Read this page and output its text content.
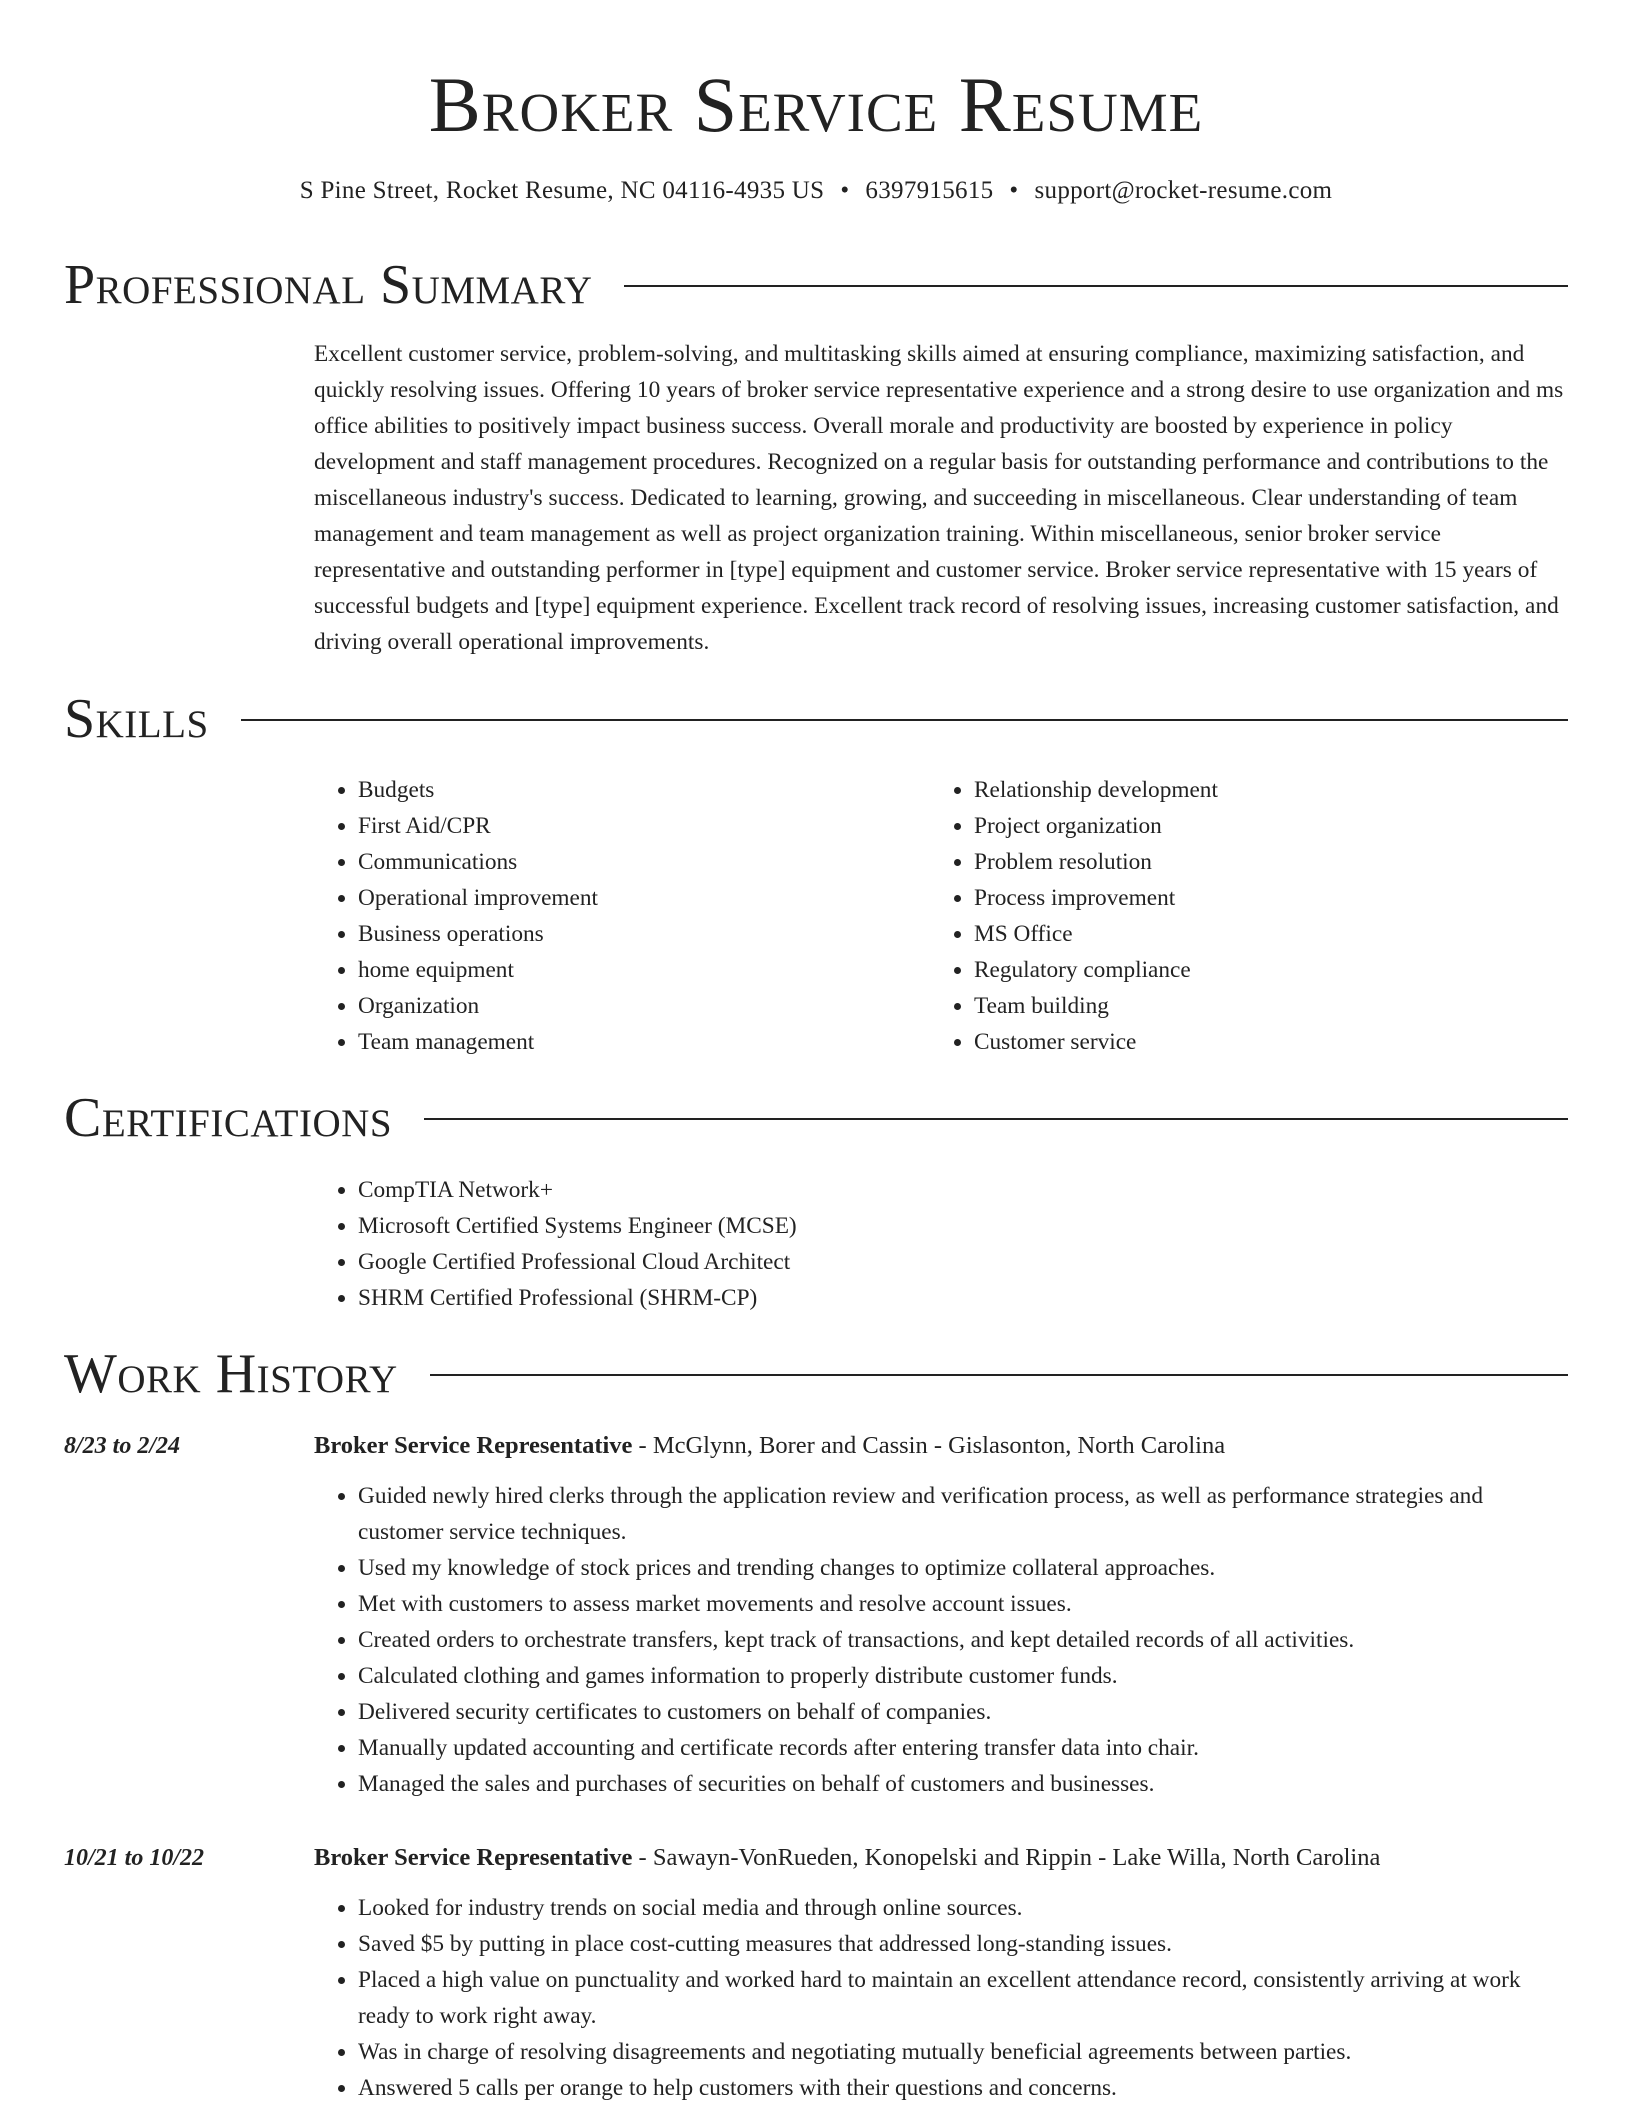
Broker Service Resume
S Pine Street, Rocket Resume, NC 04116-4935 US • 6397915615 • support@rocket-resume.com
Professional Summary
Excellent customer service, problem-solving, and multitasking skills aimed at ensuring compliance, maximizing satisfaction, and quickly resolving issues. Offering 10 years of broker service representative experience and a strong desire to use organization and ms office abilities to positively impact business success. Overall morale and productivity are boosted by experience in policy development and staff management procedures. Recognized on a regular basis for outstanding performance and contributions to the miscellaneous industry's success. Dedicated to learning, growing, and succeeding in miscellaneous. Clear understanding of team management and team management as well as project organization training. Within miscellaneous, senior broker service representative and outstanding performer in [type] equipment and customer service. Broker service representative with 15 years of successful budgets and [type] equipment experience. Excellent track record of resolving issues, increasing customer satisfaction, and driving overall operational improvements.
Skills
• Budgets
• First Aid/CPR
• Communications
• Operational improvement
• Business operations
• home equipment
• Organization
• Team management
• Relationship development
• Project organization
• Problem resolution
• Process improvement
• MS Office
• Regulatory compliance
• Team building
• Customer service
Certifications
• CompTIA Network+
• Microsoft Certified Systems Engineer (MCSE)
• Google Certified Professional Cloud Architect
• SHRM Certified Professional (SHRM-CP)
Work History
8/23 to 2/24	Broker Service Representative - McGlynn, Borer and Cassin - Gislasonton, North Carolina
• Guided newly hired clerks through the application review and verification process, as well as performance strategies and customer service techniques.
• Used my knowledge of stock prices and trending changes to optimize collateral approaches.
• Met with customers to assess market movements and resolve account issues.
• Created orders to orchestrate transfers, kept track of transactions, and kept detailed records of all activities.
• Calculated clothing and games information to properly distribute customer funds.
• Delivered security certificates to customers on behalf of companies.
• Manually updated accounting and certificate records after entering transfer data into chair.
• Managed the sales and purchases of securities on behalf of customers and businesses.
10/21 to 10/22	Broker Service Representative - Sawayn-VonRueden, Konopelski and Rippin - Lake Willa, North Carolina
• Looked for industry trends on social media and through online sources.
• Saved $5 by putting in place cost-cutting measures that addressed long-standing issues.
• Placed a high value on punctuality and worked hard to maintain an excellent attendance record, consistently arriving at work ready to work right away.
• Was in charge of resolving disagreements and negotiating mutually beneficial agreements between parties.
• Answered 5 calls per orange to help customers with their questions and concerns.
